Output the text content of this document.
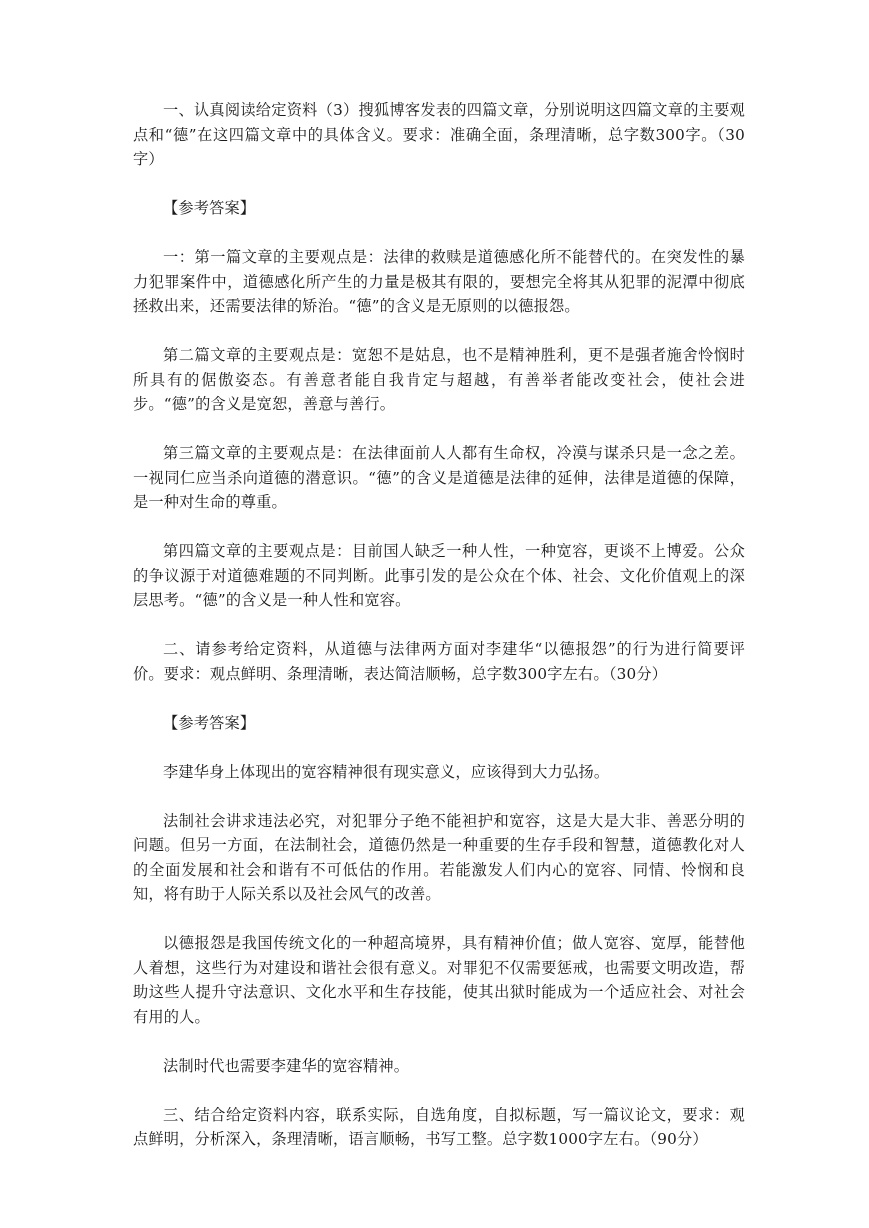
一、认真阅读给定资料（3）搜狐博客发表的四篇文章，分别说明这四篇文章的主要观点和“德”在这四篇文章中的具体含义。要求：准确全面，条理清晰，总字数300字。（30字）

【参考答案】

一：第一篇文章的主要观点是：法律的救赎是道德感化所不能替代的。在突发性的暴力犯罪案件中，道德感化所产生的力量是极其有限的，要想完全将其从犯罪的泥潭中彻底拯救出来，还需要法律的矫治。“德”的含义是无原则的以德报怨。

第二篇文章的主要观点是：宽恕不是姑息，也不是精神胜利，更不是强者施舍怜悯时所具有的倨傲姿态。有善意者能自我肯定与超越，有善举者能改变社会，使社会进步。“德”的含义是宽恕，善意与善行。

第三篇文章的主要观点是：在法律面前人人都有生命权，冷漠与谋杀只是一念之差。一视同仁应当杀向道德的潜意识。“德”的含义是道德是法律的延伸，法律是道德的保障，是一种对生命的尊重。

第四篇文章的主要观点是：目前国人缺乏一种人性，一种宽容，更谈不上博爱。公众的争议源于对道德难题的不同判断。此事引发的是公众在个体、社会、文化价值观上的深层思考。“德”的含义是一种人性和宽容。

二、请参考给定资料，从道德与法律两方面对李建华“以德报怨”的行为进行简要评价。要求：观点鲜明、条理清晰，表达简洁顺畅，总字数300字左右。（30分）

【参考答案】

李建华身上体现出的宽容精神很有现实意义，应该得到大力弘扬。

法制社会讲求违法必究，对犯罪分子绝不能袒护和宽容，这是大是大非、善恶分明的问题。但另一方面，在法制社会，道德仍然是一种重要的生存手段和智慧，道德教化对人的全面发展和社会和谐有不可低估的作用。若能激发人们内心的宽容、同情、怜悯和良知，将有助于人际关系以及社会风气的改善。

以德报怨是我国传统文化的一种超高境界，具有精神价值；做人宽容、宽厚，能替他人着想，这些行为对建设和谐社会很有意义。对罪犯不仅需要惩戒，也需要文明改造，帮助这些人提升守法意识、文化水平和生存技能，使其出狱时能成为一个适应社会、对社会有用的人。

法制时代也需要李建华的宽容精神。

三、结合给定资料内容，联系实际，自选角度，自拟标题，写一篇议论文，要求：观点鲜明，分析深入，条理清晰，语言顺畅，书写工整。总字数1000字左右。（90分）
